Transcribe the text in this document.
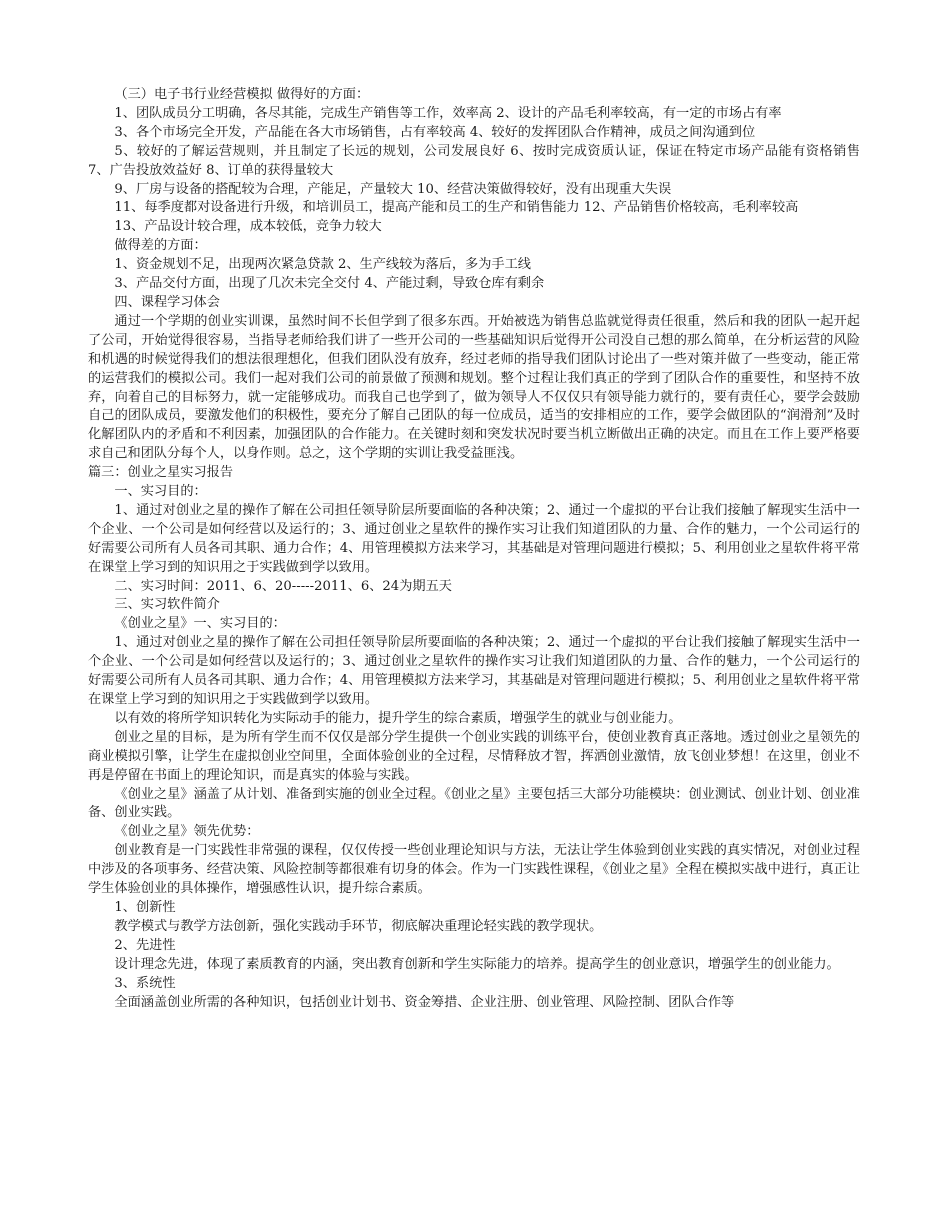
（三）电子书行业经营模拟 做得好的方面：

1、团队成员分工明确，各尽其能，完成生产销售等工作，效率高 2、设计的产品毛利率较高，有一定的市场占有率

3、各个市场完全开发，产品能在各大市场销售，占有率较高 4、较好的发挥团队合作精神，成员之间沟通到位

5、较好的了解运营规则，并且制定了长远的规划，公司发展良好 6、按时完成资质认证，保证在特定市场产品能有资格销售 7、广告投放效益好 8、订单的获得量较大

9、厂房与设备的搭配较为合理，产能足，产量较大 10、经营决策做得较好，没有出现重大失误

11、每季度都对设备进行升级，和培训员工，提高产能和员工的生产和销售能力 12、产品销售价格较高，毛利率较高

13、产品设计较合理，成本较低，竞争力较大

做得差的方面：

1、资金规划不足，出现两次紧急贷款 2、生产线较为落后，多为手工线

3、产品交付方面，出现了几次未完全交付 4、产能过剩，导致仓库有剩余

四、课程学习体会

通过一个学期的创业实训课，虽然时间不长但学到了很多东西。开始被选为销售总监就觉得责任很重，然后和我的团队一起开起了公司，开始觉得很容易，当指导老师给我们讲了一些开公司的一些基础知识后觉得开公司没自己想的那么简单，在分析运营的风险和机遇的时候觉得我们的想法很理想化，但我们团队没有放弃，经过老师的指导我们团队讨论出了一些对策并做了一些变动，能正常的运营我们的模拟公司。我们一起对我们公司的前景做了预测和规划。整个过程让我们真正的学到了团队合作的重要性，和坚持不放弃，向着自己的目标努力，就一定能够成功。而我自己也学到了，做为领导人不仅仅只有领导能力就行的，要有责任心，要学会鼓励自己的团队成员，要激发他们的积极性，要充分了解自己团队的每一位成员，适当的安排相应的工作，要学会做团队的“润滑剂”及时化解团队内的矛盾和不利因素，加强团队的合作能力。在关键时刻和突发状况时要当机立断做出正确的决定。而且在工作上要严格要求自己和团队分每个人，以身作则。总之，这个学期的实训让我受益匪浅。

篇三：创业之星实习报告

一、实习目的：

1、通过对创业之星的操作了解在公司担任领导阶层所要面临的各种决策；2、通过一个虚拟的平台让我们接触了解现实生活中一个企业、一个公司是如何经营以及运行的；3、通过创业之星软件的操作实习让我们知道团队的力量、合作的魅力，一个公司运行的好需要公司所有人员各司其职、通力合作；4、用管理模拟方法来学习，其基础是对管理问题进行模拟；5、利用创业之星软件将平常在课堂上学习到的知识用之于实践做到学以致用。

二、实习时间：2011、6、20-----2011、6、24为期五天

三、实习软件简介

《创业之星》一、实习目的：

1、通过对创业之星的操作了解在公司担任领导阶层所要面临的各种决策；2、通过一个虚拟的平台让我们接触了解现实生活中一个企业、一个公司是如何经营以及运行的；3、通过创业之星软件的操作实习让我们知道团队的力量、合作的魅力，一个公司运行的好需要公司所有人员各司其职、通力合作；4、用管理模拟方法来学习，其基础是对管理问题进行模拟；5、利用创业之星软件将平常在课堂上学习到的知识用之于实践做到学以致用。

以有效的将所学知识转化为实际动手的能力，提升学生的综合素质，增强学生的就业与创业能力。

创业之星的目标，是为所有学生而不仅仅是部分学生提供一个创业实践的训练平台，使创业教育真正落地。透过创业之星领先的商业模拟引擎，让学生在虚拟创业空间里，全面体验创业的全过程，尽情释放才智，挥洒创业激情，放飞创业梦想！在这里，创业不再是停留在书面上的理论知识，而是真实的体验与实践。

《创业之星》涵盖了从计划、准备到实施的创业全过程。《创业之星》主要包括三大部分功能模块：创业测试、创业计划、创业准备、创业实践。

《创业之星》领先优势：

创业教育是一门实践性非常强的课程，仅仅传授一些创业理论知识与方法，无法让学生体验到创业实践的真实情况，对创业过程中涉及的各项事务、经营决策、风险控制等都很难有切身的体会。作为一门实践性课程，《创业之星》全程在模拟实战中进行，真正让学生体验创业的具体操作，增强感性认识，提升综合素质。

1、创新性

教学模式与教学方法创新，强化实践动手环节，彻底解决重理论轻实践的教学现状。

2、先进性

设计理念先进，体现了素质教育的内涵，突出教育创新和学生实际能力的培养。提高学生的创业意识，增强学生的创业能力。

3、系统性

全面涵盖创业所需的各种知识，包括创业计划书、资金筹措、企业注册、创业管理、风险控制、团队合作等
